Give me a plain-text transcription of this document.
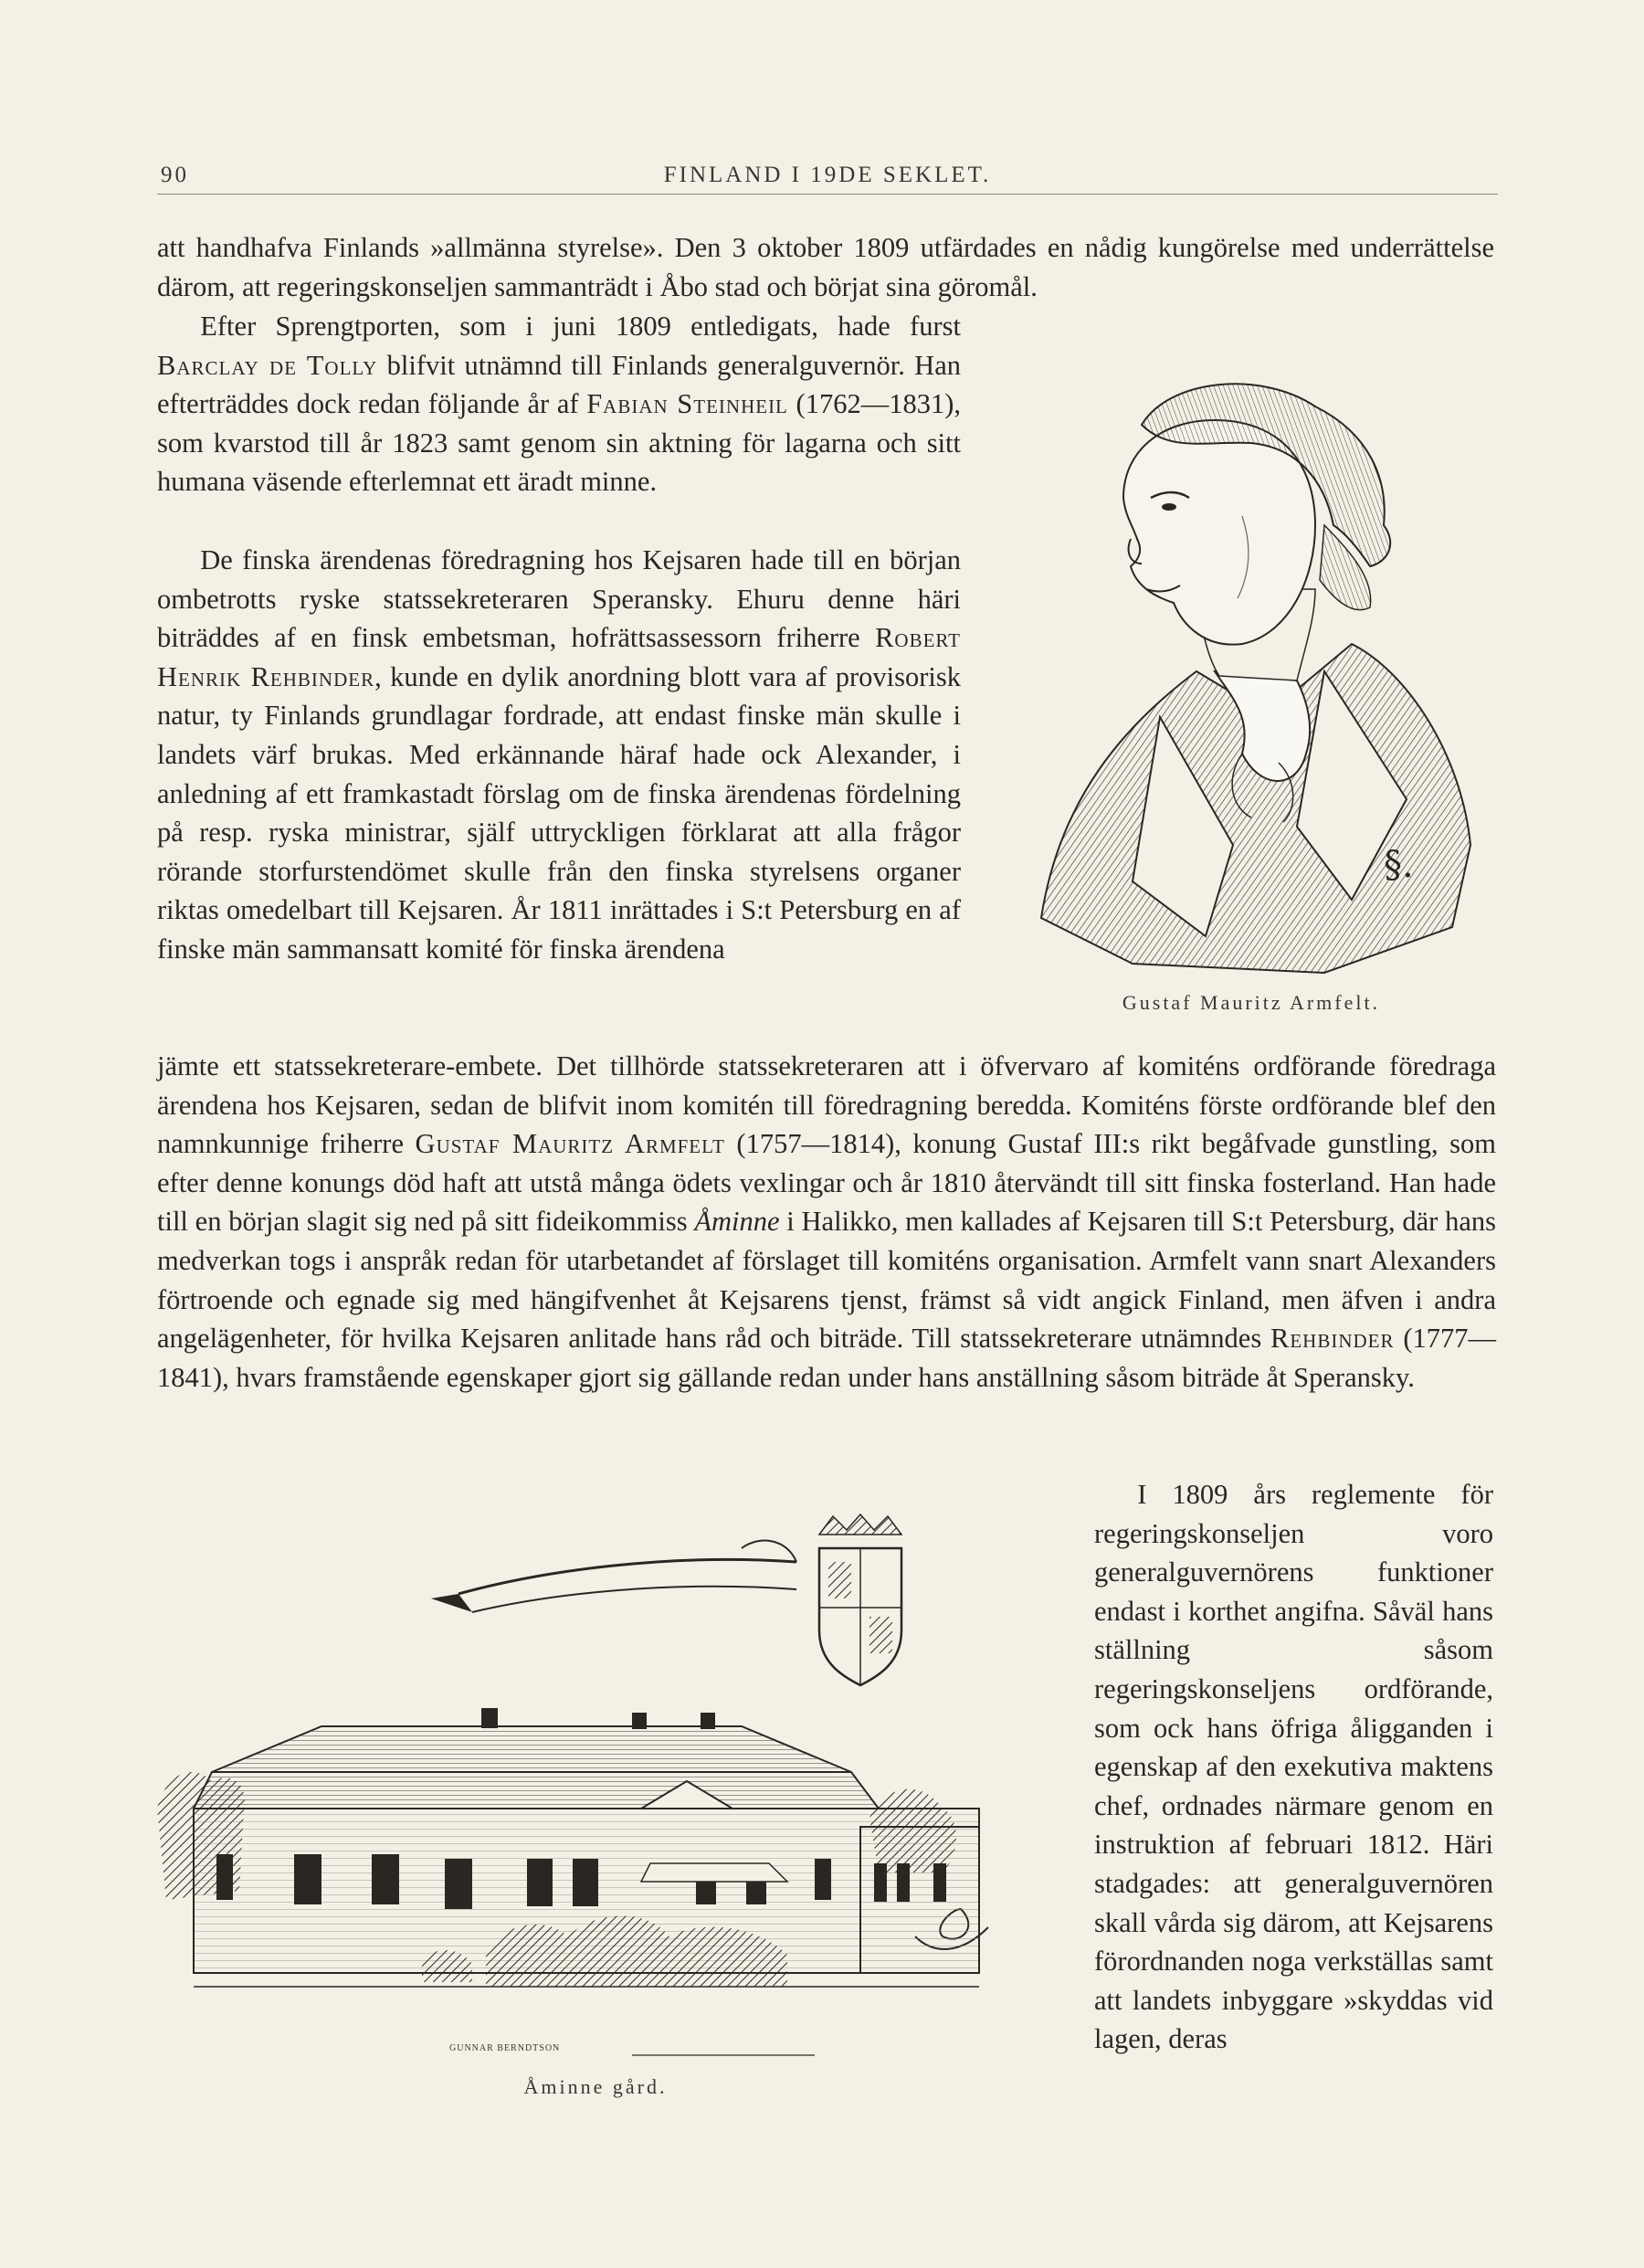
90	FINLAND I 19DE SEKLET.

att handhafva Finlands »allmänna styrelse». Den 3 oktober 1809 utfärdades en nådig kungörelse med underrättelse därom, att regeringskonseljen sammanträdt i Åbo stad och börjat sina göromål.

Efter Sprengtporten, som i juni 1809 entledigats, hade furst Barclay de Tolly blifvit utnämnd till Finlands generalguvernör. Han efterträddes dock redan följande år af Fabian Steinheil (1762—1831), som kvarstod till år 1823 samt genom sin aktning för lagarna och sitt humana väsende efterlemnat ett äradt minne.

De finska ärendenas föredragning hos Kejsaren hade till en början ombetrotts ryske statssekreteraren Speransky. Ehuru denne häri biträddes af en finsk embetsman, hofrättsassessorn friherre Robert Henrik Rehbinder, kunde en dylik anordning blott vara af provisorisk natur, ty Finlands grundlagar fordrade, att endast finske män skulle i landets värf brukas. Med erkännande häraf hade ock Alexander, i anledning af ett framkastadt förslag om de finska ärendenas fördelning på resp. ryska ministrar, själf uttryckligen förklarat att alla frågor rörande storfurstendömet skulle från den finska styrelsens organer riktas omedelbart till Kejsaren. År 1811 inrättades i S:t Petersburg en af finske män sammansatt komité för finska ärendena

jämte ett statssekreterare-embete. Det tillhörde statssekreteraren att i öfvervaro af komiténs ordförande föredraga ärendena hos Kejsaren, sedan de blifvit inom komitén till föredragning beredda. Komiténs förste ordförande blef den namnkunnige friherre Gustaf Mauritz Armfelt (1757—1814), konung Gustaf III:s rikt begåfvade gunstling, som efter denne konungs död haft att utstå många ödets vexlingar och år 1810 återvändt till sitt finska fosterland. Han hade till en början slagit sig ned på sitt fideikommiss Åminne i Halikko, men kallades af Kejsaren till S:t Petersburg, där hans medverkan togs i anspråk redan för utarbetandet af förslaget till komiténs organisation. Armfelt vann snart Alexanders förtroende och egnade sig med hängifvenhet åt Kejsarens tjenst, främst så vidt angick Finland, men äfven i andra angelägenheter, för hvilka Kejsaren anlitade hans råd och biträde. Till statssekreterare utnämndes Rehbinder (1777—1841), hvars framstående egenskaper gjort sig gällande redan under hans anställning såsom biträde åt Speransky.

I 1809 års reglemente för regeringskonseljen voro generalguvernörens funktioner endast i korthet angifna. Såväl hans ställning såsom regeringskonseljens ordförande, som ock hans öfriga åligganden i egenskap af den exekutiva maktens chef, ordnades närmare genom en instruktion af februari 1812. Häri stadgades: att generalguvernören skall vårda sig därom, att Kejsarens förordnanden noga verkställas samt att landets inbyggare »skyddas vid lagen, deras

§.
Gustaf Mauritz Armfelt.
GUNNAR BERNDTSON
Åminne gård.
